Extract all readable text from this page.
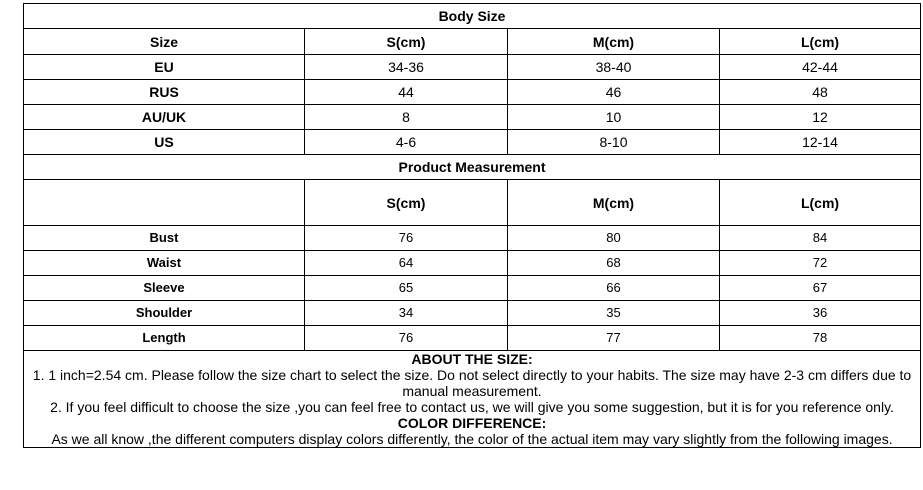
Body Size			
Size	S(cm)	M(cm)	L(cm)
EU	34-36	38-40	42-44
RUS	44	46	48
AU/UK	8	10	12
US	4-6	8-10	12-14
Product Measurement			
	S(cm)	M(cm)	L(cm)
Bust	76	80	84
Waist	64	68	72
Sleeve	65	66	67
Shoulder	34	35	36
Length	76	77	78

ABOUT THE SIZE:
1. 1 inch=2.54 cm. Please follow the size chart to select the size. Do not select directly to your habits. The size may have 2-3 cm differs due to manual measurement.
2. If you feel difficult to choose the size ,you can feel free to contact us, we will give you some suggestion, but it is for you reference only.
COLOR DIFFERENCE:
As we all know ,the different computers display colors differently, the color of the actual item may vary slightly from the following images.			
